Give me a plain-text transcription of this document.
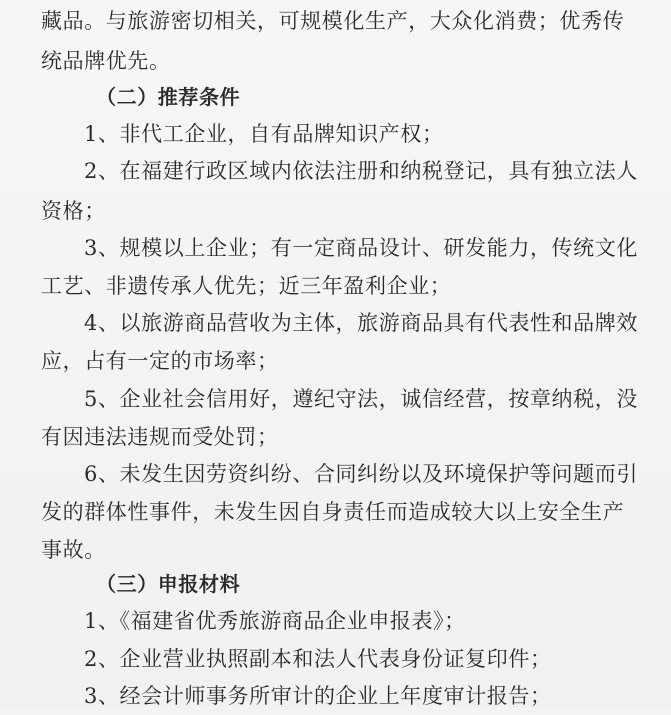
藏品。与旅游密切相关，可规模化生产，大众化消费；优秀传
统品牌优先。
（二）推荐条件
1、非代工企业，自有品牌知识产权；
2、在福建行政区域内依法注册和纳税登记，具有独立法人
资格；
3、规模以上企业；有一定商品设计、研发能力，传统文化
工艺、非遗传承人优先；近三年盈利企业；
4、以旅游商品营收为主体，旅游商品具有代表性和品牌效
应，占有一定的市场率；
5、企业社会信用好，遵纪守法，诚信经营，按章纳税，没
有因违法违规而受处罚；
6、未发生因劳资纠纷、合同纠纷以及环境保护等问题而引
发的群体性事件，未发生因自身责任而造成较大以上安全生产
事故。
（三）申报材料
1、《福建省优秀旅游商品企业申报表》；
2、企业营业执照副本和法人代表身份证复印件；
3、经会计师事务所审计的企业上年度审计报告；
